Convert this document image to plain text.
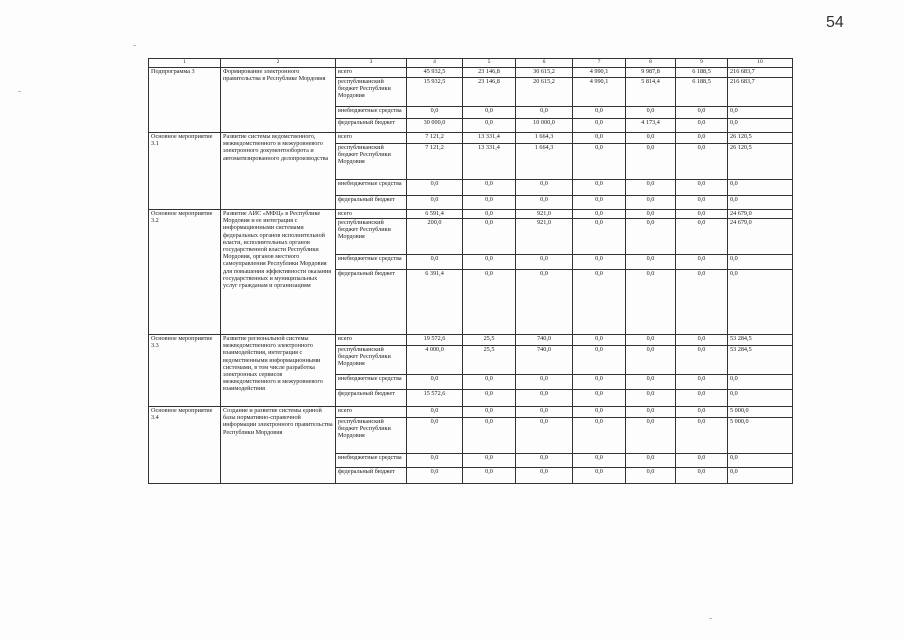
54
1	2	3	4	5	6	7	8	9	10
Подпрограмма 3	Формирование электронного правительства в Республике Мордовия	всего	45 932,5	23 146,8	30 615,2	4 990,1	9 987,8	6 188,5	216 683,7
		республиканский бюджет Республики Мордовия	15 932,5	23 146,8	20 615,2	4 990,1	5 814,4	6 188,5	216 683,7
		внебюджетные средства	0,0	0,0	0,0	0,0	0,0	0,0	0,0
		федеральный бюджет	30 000,0	0,0	10 000,0	0,0	4 173,4	0,0	0,0
Основное мероприятие 3.1	Развитие системы ведомственного, межведомственного и межуровневого электронного документооборота и автоматизированного делопроизводства	всего	7 121,2	13 331,4	1 664,3	0,0	0,0	0,0	26 120,5
		республиканский бюджет Республики Мордовия	7 121,2	13 331,4	1 664,3	0,0	0,0	0,0	26 120,5
		внебюджетные средства	0,0	0,0	0,0	0,0	0,0	0,0	0,0
		федеральный бюджет	0,0	0,0	0,0	0,0	0,0	0,0	0,0
Основное мероприятие 3.2	Развитие АИС «МФЦ» в Республике Мордовия и ее интеграция с информационными системами федеральных органов исполнительной власти, исполнительных органов государственной власти Республики Мордовия, органов местного самоуправления Республики Мордовия для повышения эффективности оказания государственных и муниципальных услуг гражданам и организациям	всего	6 591,4	0,0	921,0	0,0	0,0	0,0	24 679,0
		республиканский бюджет Республики Мордовия	200,0	0,0	921,0	0,0	0,0	0,0	24 679,0
		внебюджетные средства	0,0	0,0	0,0	0,0	0,0	0,0	0,0
		федеральный бюджет	6 391,4	0,0	0,0	0,0	0,0	0,0	0,0
Основное мероприятие 3.3	Развитие региональной системы межведомственного электронного взаимодействия, интеграция с ведомственными информационными системами, в том числе разработка электронных сервисов межведомственного и межуровневого взаимодействия	всего	19 572,6	25,5	740,0	0,0	0,0	0,0	53 284,5
		республиканский бюджет Республики Мордовия	4 000,0	25,5	740,0	0,0	0,0	0,0	53 284,5
		внебюджетные средства	0,0	0,0	0,0	0,0	0,0	0,0	0,0
		федеральный бюджет	15 572,6	0,0	0,0	0,0	0,0	0,0	0,0
Основное мероприятие 3.4	Создание и развитие системы единой базы нормативно-справочной информации электронного правительства Республики Мордовия	всего	0,0	0,0	0,0	0,0	0,0	0,0	5 000,0
		республиканский бюджет Республики Мордовия	0,0	0,0	0,0	0,0	0,0	0,0	5 000,0
		внебюджетные средства	0,0	0,0	0,0	0,0	0,0	0,0	0,0
		федеральный бюджет	0,0	0,0	0,0	0,0	0,0	0,0	0,0
